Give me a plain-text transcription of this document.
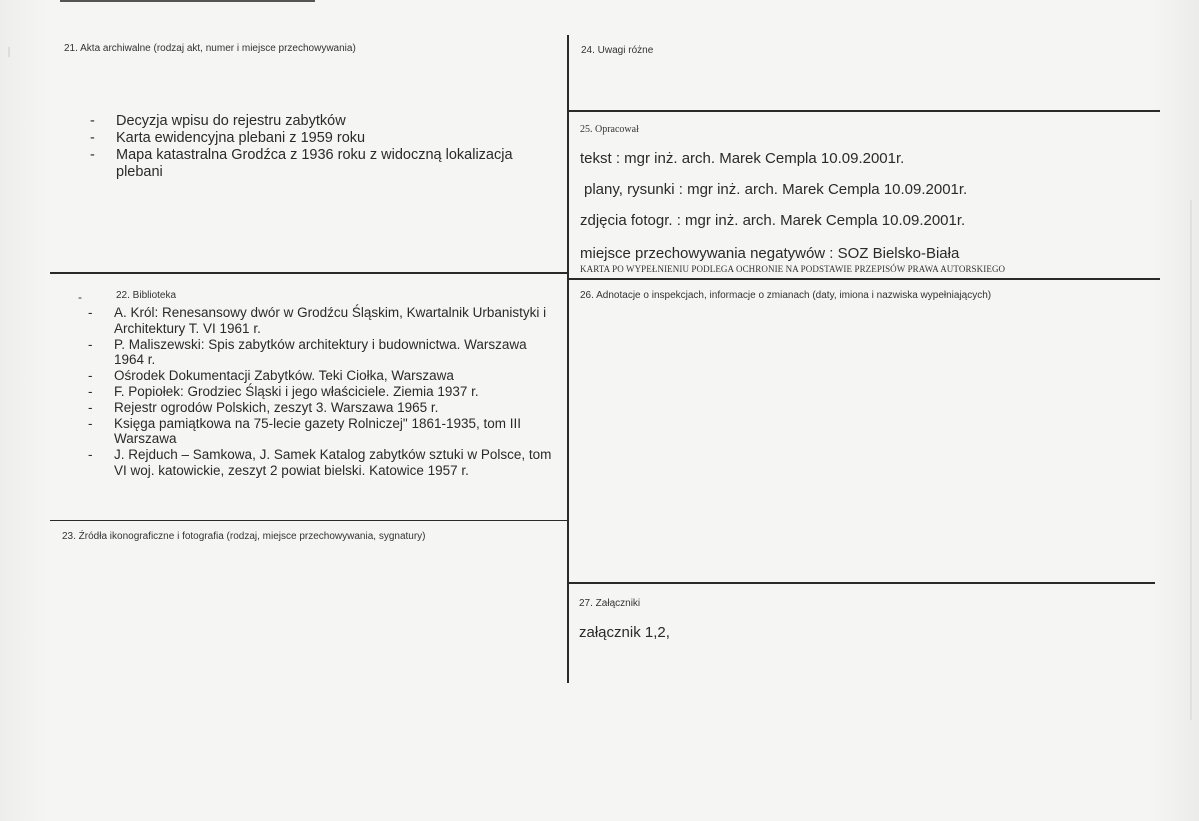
21. Akta archiwalne (rodzaj akt, numer i miejsce przechowywania)
- Decyzja wpisu do rejestru zabytków
- Karta ewidencyjna plebani z 1959 roku
- Mapa katastralna Grodźca z 1936 roku z widoczną lokalizacja plebani
-	22. Biblioteka
- A. Król: Renesansowy dwór w Grodźcu Śląskim, Kwartalnik Urbanistyki i Architektury T. VI 1961 r.
- P. Maliszewski: Spis zabytków architektury i budownictwa. Warszawa 1964 r.
- Ośrodek Dokumentacji Zabytków. Teki Ciołka, Warszawa
- F. Popiołek: Grodziec Śląski i jego właściciele. Ziemia 1937 r.
- Rejestr ogrodów Polskich, zeszyt 3. Warszawa 1965 r.
- Księga pamiątkowa na 75-lecie gazety Rolniczej" 1861-1935, tom III Warszawa
- J. Rejduch – Samkowa, J. Samek Katalog zabytków sztuki w Polsce, tom VI woj. katowickie, zeszyt 2 powiat bielski. Katowice 1957 r.
23. Źródła ikonograficzne i fotografia (rodzaj, miejsce przechowywania, sygnatury)
24. Uwagi różne
25. Opracował
tekst : mgr inż. arch. Marek Cempla 10.09.2001r.
plany, rysunki : mgr inż. arch. Marek Cempla 10.09.2001r.
zdjęcia fotogr. : mgr inż. arch. Marek Cempla 10.09.2001r.
miejsce przechowywania negatywów : SOZ Bielsko-Biała
KARTA PO WYPEŁNIENIU PODLEGA OCHRONIE NA PODSTAWIE PRZEPISÓW PRAWA AUTORSKIEGO
26. Adnotacje o inspekcjach, informacje o zmianach (daty, imiona i nazwiska wypełniających)
27. Załączniki
załącznik 1,2,
